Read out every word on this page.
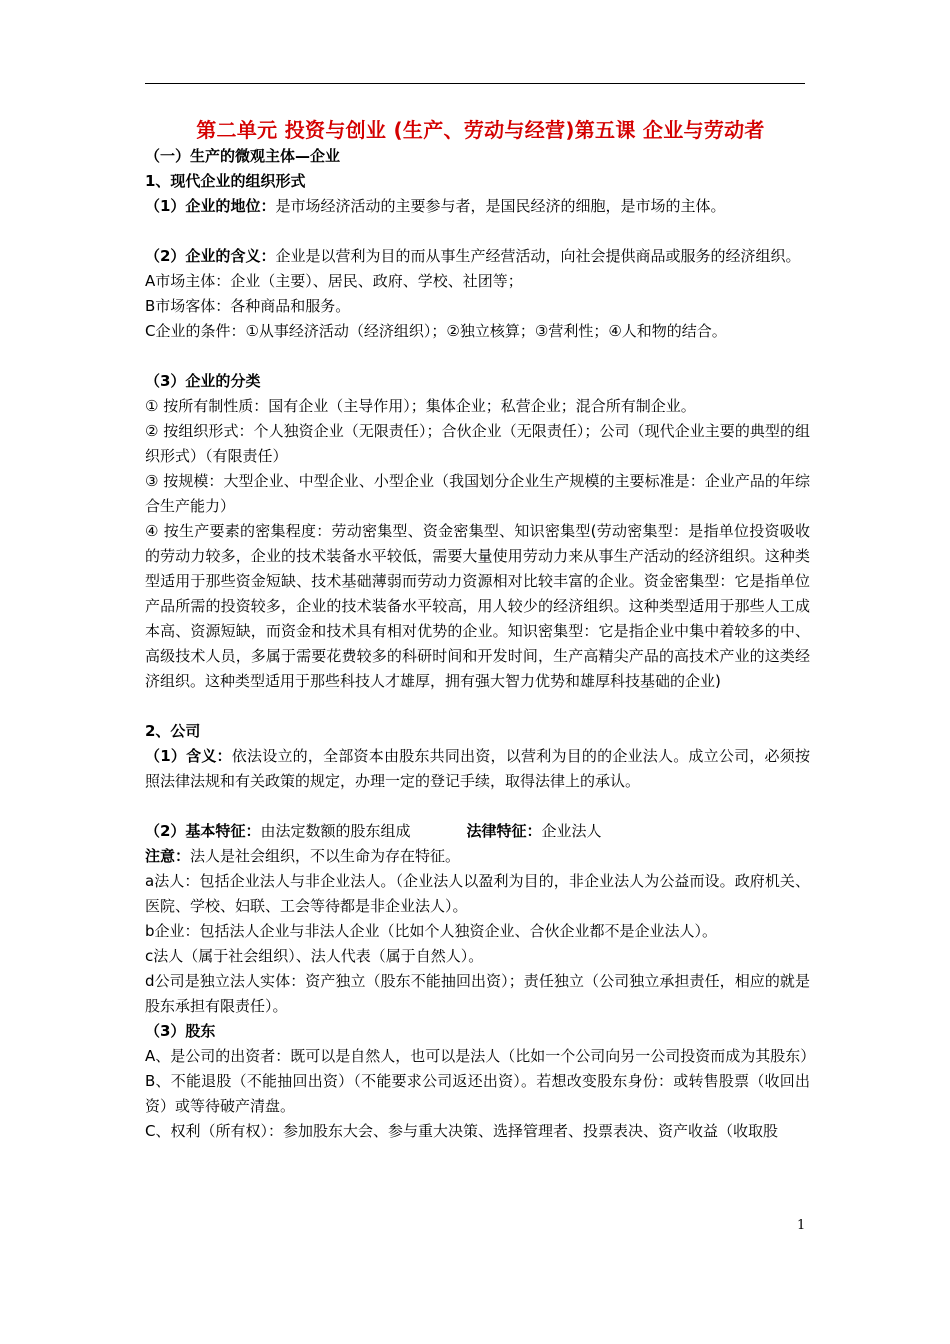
第二单元 投资与创业 (生产、劳动与经营)第五课 企业与劳动者

（一）生产的微观主体—企业

1、现代企业的组织形式

（1）企业的地位：是市场经济活动的主要参与者，是国民经济的细胞，是市场的主体。

（2）企业的含义：企业是以营利为目的而从事生产经营活动，向社会提供商品或服务的经济组织。

A市场主体：企业（主要）、居民、政府、学校、社团等；

B市场客体：各种商品和服务。

C企业的条件：①从事经济活动（经济组织）；②独立核算；③营利性；④人和物的结合。

（3）企业的分类

① 按所有制性质：国有企业（主导作用）；集体企业；私营企业；混合所有制企业。

② 按组织形式：个人独资企业（无限责任）；合伙企业（无限责任）；公司（现代企业主要的典型的组织形式）（有限责任）

③ 按规模：大型企业、中型企业、小型企业（我国划分企业生产规模的主要标准是：企业产品的年综合生产能力）

④ 按生产要素的密集程度：劳动密集型、资金密集型、知识密集型(劳动密集型：是指单位投资吸收的劳动力较多，企业的技术装备水平较低，需要大量使用劳动力来从事生产活动的经济组织。这种类型适用于那些资金短缺、技术基础薄弱而劳动力资源相对比较丰富的企业。资金密集型：它是指单位产品所需的投资较多，企业的技术装备水平较高，用人较少的经济组织。这种类型适用于那些人工成本高、资源短缺，而资金和技术具有相对优势的企业。知识密集型：它是指企业中集中着较多的中、高级技术人员，多属于需要花费较多的科研时间和开发时间，生产高精尖产品的高技术产业的这类经济组织。这种类型适用于那些科技人才雄厚，拥有强大智力优势和雄厚科技基础的企业)

2、公司

（1）含义：依法设立的，全部资本由股东共同出资，以营利为目的的企业法人。成立公司，必须按照法律法规和有关政策的规定，办理一定的登记手续，取得法律上的承认。

（2）基本特征：由法定数额的股东组成	法律特征：企业法人

注意：法人是社会组织，不以生命为存在特征。

a法人：包括企业法人与非企业法人。（企业法人以盈利为目的，非企业法人为公益而设。政府机关、医院、学校、妇联、工会等待都是非企业法人）。

b企业：包括法人企业与非法人企业（比如个人独资企业、合伙企业都不是企业法人）。

c法人（属于社会组织）、法人代表（属于自然人）。

d公司是独立法人实体：资产独立（股东不能抽回出资）；责任独立（公司独立承担责任，相应的就是股东承担有限责任）。

（3）股东

A、是公司的出资者：既可以是自然人，也可以是法人（比如一个公司向另一公司投资而成为其股东）

B、不能退股（不能抽回出资）（不能要求公司返还出资）。若想改变股东身份：或转售股票（收回出资）或等待破产清盘。

C、权利（所有权）：参加股东大会、参与重大决策、选择管理者、投票表决、资产收益（收取股

1
